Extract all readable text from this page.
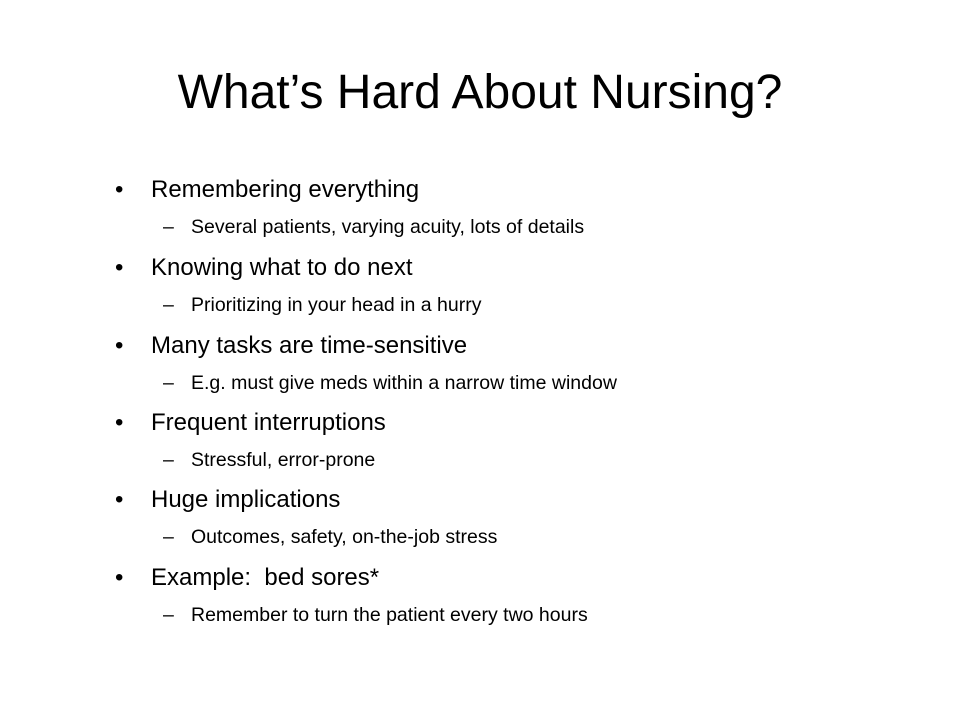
What’s Hard About Nursing?
• Remembering everything
– Several patients, varying acuity, lots of details
• Knowing what to do next
– Prioritizing in your head in a hurry
• Many tasks are time-sensitive
– E.g. must give meds within a narrow time window
• Frequent interruptions
– Stressful, error-prone
• Huge implications
– Outcomes, safety, on-the-job stress
• Example:  bed sores*
– Remember to turn the patient every two hours
